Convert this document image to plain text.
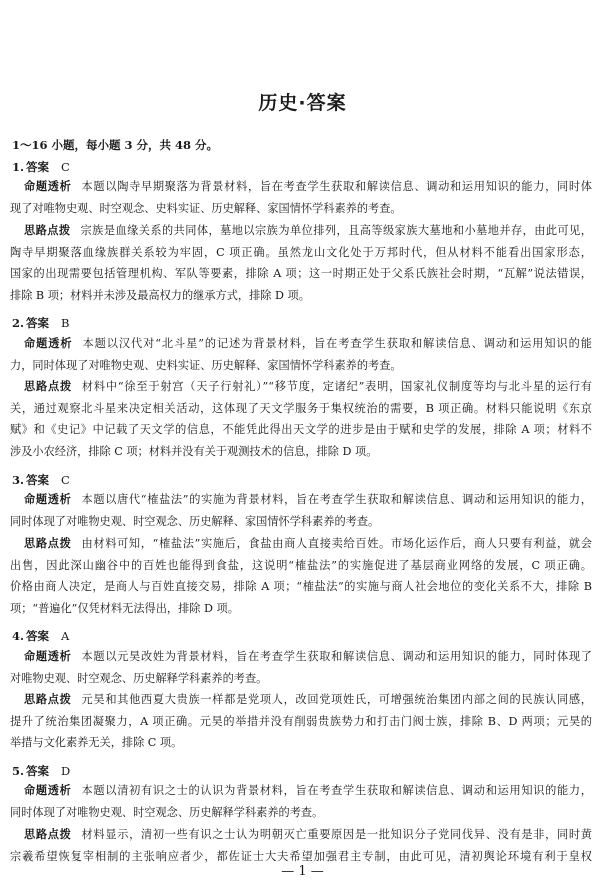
历史·答案
1～16 小题，每小题 3 分，共 48 分。
1. 答案 C
命题透析 本题以陶寺早期聚落为背景材料，旨在考查学生获取和解读信息、调动和运用知识的能力，同时体
现了对唯物史观、时空观念、史料实证、历史解释、家国情怀学科素养的考查。
思路点拨 宗族是血缘关系的共同体，墓地以宗族为单位排列，且高等级家族大墓地和小墓地并存，由此可见，
陶寺早期聚落血缘族群关系较为牢固，C 项正确。虽然龙山文化处于万邦时代，但从材料不能看出国家形态，
国家的出现需要包括管理机构、军队等要素，排除 A 项；这一时期正处于父系氏族社会时期，“瓦解”说法错误，
排除 B 项；材料并未涉及最高权力的继承方式，排除 D 项。
2. 答案 B
命题透析 本题以汉代对“北斗星”的记述为背景材料，旨在考查学生获取和解读信息、调动和运用知识的能
力，同时体现了对唯物史观、史料实证、历史解释、家国情怀学科素养的考查。
思路点拨 材料中“徐至于射宫（天子行射礼）”“移节度，定诸纪”表明，国家礼仪制度等均与北斗星的运行有
关，通过观察北斗星来决定相关活动，这体现了天文学服务于集权统治的需要，B 项正确。材料只能说明《东京
赋》和《史记》中记载了天文学的信息，不能凭此得出天文学的进步是由于赋和史学的发展，排除 A 项；材料不
涉及小农经济，排除 C 项；材料并没有关于观测技术的信息，排除 D 项。
3. 答案 C
命题透析 本题以唐代“榷盐法”的实施为背景材料，旨在考查学生获取和解读信息、调动和运用知识的能力，
同时体现了对唯物史观、时空观念、历史解释、家国情怀学科素养的考查。
思路点拨 由材料可知，“榷盐法”实施后，食盐由商人直接卖给百姓。市场化运作后，商人只要有利益，就会
出售，因此深山幽谷中的百姓也能得到食盐，这说明“榷盐法”的实施促进了基层商业网络的发展，C 项正确。
价格由商人决定，是商人与百姓直接交易，排除 A 项；“榷盐法”的实施与商人社会地位的变化关系不大，排除 B
项；“普遍化”仅凭材料无法得出，排除 D 项。
4. 答案 A
命题透析 本题以元昊改姓为背景材料，旨在考查学生获取和解读信息、调动和运用知识的能力，同时体现了
对唯物史观、时空观念、历史解释学科素养的考查。
思路点拨 元昊和其他西夏大贵族一样都是党项人，改回党项姓氏，可增强统治集团内部之间的民族认同感，
提升了统治集团凝聚力，A 项正确。元昊的举措并没有削弱贵族势力和打击门阀士族，排除 B、D 两项；元昊的
举措与文化素养无关，排除 C 项。
5. 答案 D
命题透析 本题以清初有识之士的认识为背景材料，旨在考查学生获取和解读信息、调动和运用知识的能力，
同时体现了对唯物史观、时空观念、历史解释学科素养的考查。
思路点拨 材料显示，清初一些有识之士认为明朝灭亡重要原因是一批知识分子党同伐异、没有是非，同时黄
宗羲希望恢复宰相制的主张响应者少，都佐证士大夫希望加强君主专制，由此可见，清初舆论环境有利于皇权
— 1 —
